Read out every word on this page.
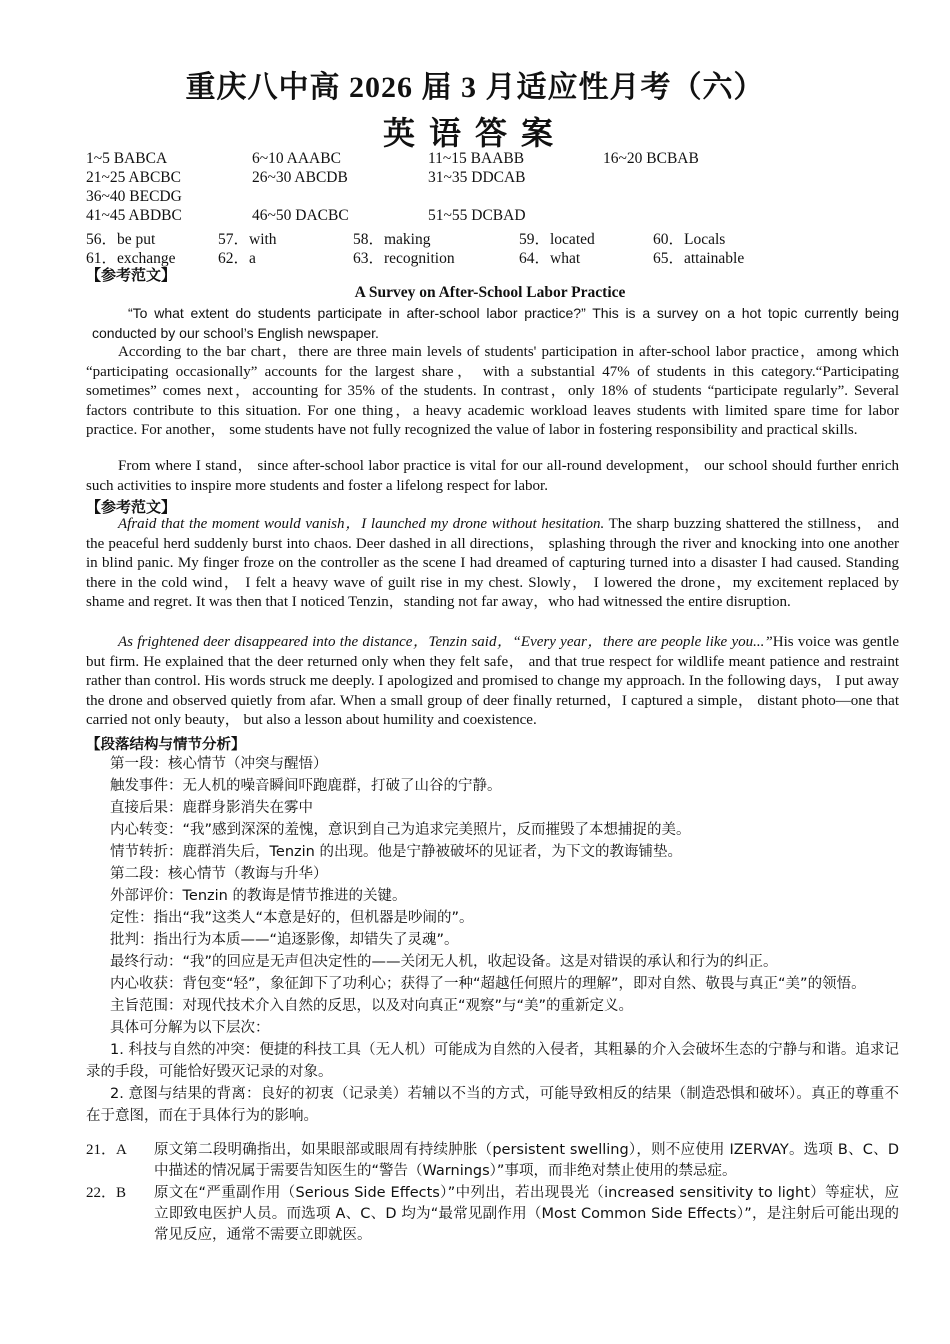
重庆八中高 2026 届 3 月适应性月考（六）
英语答案
1~5 BABCA	6~10 AAABC	11~15 BAABB	16~20 BCBAB
21~25 ABCBC	26~30 ABCDB	31~35 DDCAB
36~40 BECDG
41~45 ABDBC	46~50 DACBC	51~55 DCBAD
56．be put	57．with	58．making	59．located	60．Locals
61．exchange	62．a	63．recognition	64．what	65．attainable
【参考范文】
A Survey on After-School Labor Practice
“To what extent do students participate in after-school labor practice?” This is a survey on a hot topic currently being conducted by our school’s English newspaper.
According to the bar chart，there are three main levels of students' participation in after-school labor practice，among which “participating occasionally” accounts for the largest share， with a substantial 47% of students in this category.“Participating sometimes” comes next，accounting for 35% of the students. In contrast，only 18% of students “participate regularly”. Several factors contribute to this situation. For one thing，a heavy academic workload leaves students with limited spare time for labor practice. For another， some students have not fully recognized the value of labor in fostering responsibility and practical skills.
From where I stand， since after-school labor practice is vital for our all-round development， our school should further enrich such activities to inspire more students and foster a lifelong respect for labor.
【参考范文】
Afraid that the moment would vanish，I launched my drone without hesitation. The sharp buzzing shattered the stillness， and the peaceful herd suddenly burst into chaos. Deer dashed in all directions， splashing through the river and knocking into one another in blind panic. My finger froze on the controller as the scene I had dreamed of capturing turned into a disaster I had caused. Standing there in the cold wind， I felt a heavy wave of guilt rise in my chest. Slowly， I lowered the drone，my excitement replaced by shame and regret. It was then that I noticed Tenzin，standing not far away，who had witnessed the entire disruption.
As frightened deer disappeared into the distance，Tenzin said，“Every year，there are people like you...”His voice was gentle but firm. He explained that the deer returned only when they felt safe， and that true respect for wildlife meant patience and restraint rather than control. His words struck me deeply. I apologized and promised to change my approach. In the following days， I put away the drone and observed quietly from afar. When a small group of deer finally returned，I captured a simple， distant photo—one that carried not only beauty， but also a lesson about humility and coexistence.
【段落结构与情节分析】
第一段：核心情节（冲突与醒悟）
触发事件：无人机的噪音瞬间吓跑鹿群，打破了山谷的宁静。
直接后果：鹿群身影消失在雾中
内心转变：“我”感到深深的羞愧，意识到自己为追求完美照片，反而摧毁了本想捕捉的美。
情节转折：鹿群消失后，Tenzin 的出现。他是宁静被破坏的见证者，为下文的教诲铺垫。
第二段：核心情节（教诲与升华）
外部评价：Tenzin 的教诲是情节推进的关键。
定性：指出“我”这类人“本意是好的，但机器是吵闹的”。
批判：指出行为本质——“追逐影像，却错失了灵魂”。
最终行动：“我”的回应是无声但决定性的——关闭无人机，收起设备。这是对错误的承认和行为的纠正。
内心收获：背包变“轻”，象征卸下了功利心；获得了一种“超越任何照片的理解”，即对自然、敬畏与真正“美”的领悟。
主旨范围：对现代技术介入自然的反思，以及对向真正“观察”与“美”的重新定义。
具体可分解为以下层次：
1. 科技与自然的冲突：便捷的科技工具（无人机）可能成为自然的入侵者，其粗暴的介入会破坏生态的宁静与和谐。追求记录的手段，可能恰好毁灭记录的对象。
2. 意图与结果的背离：良好的初衷（记录美）若辅以不当的方式，可能导致相反的结果（制造恐惧和破坏）。真正的尊重不在于意图，而在于具体行为的影响。
21．A	原文第二段明确指出，如果眼部或眼周有持续肿胀（persistent swelling），则不应使用 IZERVAY。选项 B、C、D 中描述的情况属于需要告知医生的“警告（Warnings）”事项，而非绝对禁止使用的禁忌症。
22．B	原文在“严重副作用（Serious Side Effects）”中列出，若出现畏光（increased sensitivity to light）等症状，应立即致电医护人员。而选项 A、C、D 均为“最常见副作用（Most Common Side Effects）”，是注射后可能出现的常见反应，通常不需要立即就医。
